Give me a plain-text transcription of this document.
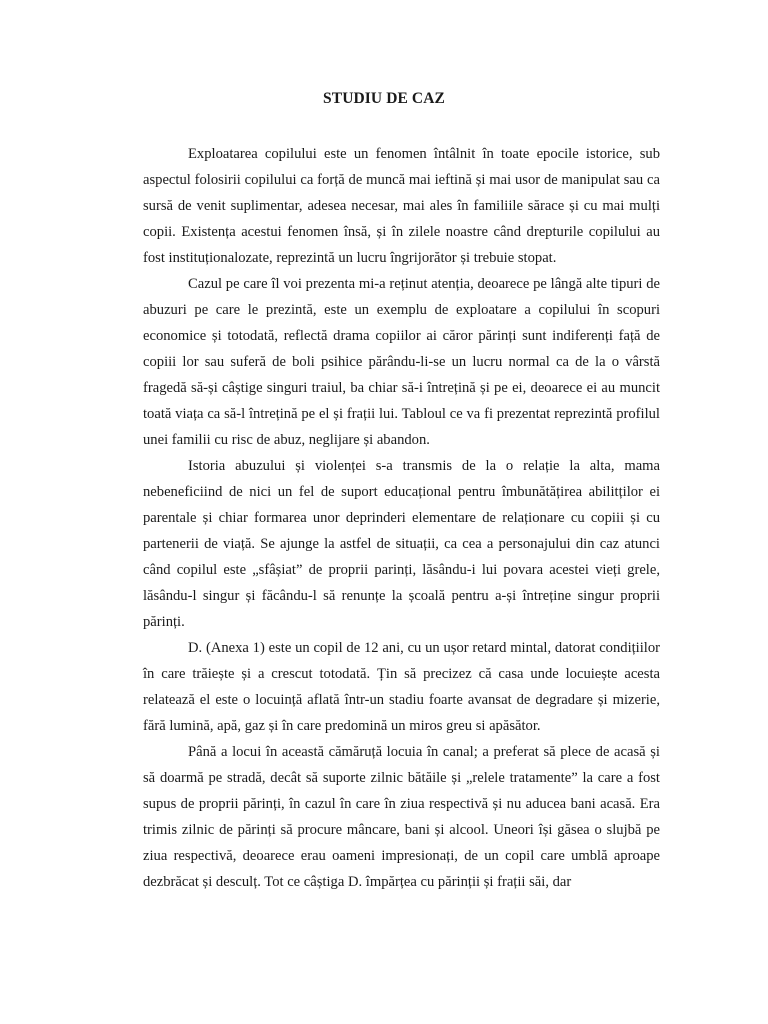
STUDIU DE CAZ

Exploatarea copilului este un fenomen întâlnit în toate epocile istorice, sub aspectul folosirii copilului ca forță de muncă mai ieftină și mai usor de manipulat sau ca sursă de venit suplimentar, adesea necesar, mai ales în familiile sărace și cu mai mulți copii. Existența acestui fenomen însă, și în zilele noastre când drepturile copilului au fost instituționalozate, reprezintă un lucru îngrijorător și trebuie stopat.

Cazul pe care îl voi prezenta mi-a reținut atenția, deoarece pe lângă alte tipuri de abuzuri pe care le prezintă, este un exemplu de exploatare a copilului în scopuri economice și totodată, reflectă drama copiilor ai căror părinți sunt indiferenți față de copiii lor sau suferă de boli psihice părându-li-se un lucru normal ca de la o vârstă fragedă să-și câștige singuri traiul, ba chiar să-i întrețină și pe ei, deoarece ei au muncit toată viața ca să-l întrețină pe el și frații lui. Tabloul ce va fi prezentat reprezintă profilul unei familii cu risc de abuz, neglijare și abandon.

Istoria abuzului și violenței s-a transmis de la o relație la alta, mama nebeneficiind de nici un fel de suport educațional pentru îmbunătățirea abilitților ei parentale și chiar formarea unor deprinderi elementare de relaționare cu copiii și cu partenerii de viață. Se ajunge la astfel de situații, ca cea a personajului din caz atunci când copilul este „sfâșiat” de proprii parinți, lăsându-i lui povara acestei vieți grele, lăsându-l singur și făcându-l să renunțe la școală pentru a-și întreține singur proprii părinți.

D. (Anexa 1) este un copil de 12 ani, cu un ușor retard mintal, datorat condițiilor în care trăiește și a crescut totodată. Țin să precizez că casa unde locuiește acesta relatează el este o locuință aflată într-un stadiu foarte avansat de degradare și mizerie, fără lumină, apă, gaz și în care predomină un miros greu si apăsător.

Până a locui în această cămăruță locuia în canal; a preferat să plece de acasă și să doarmă pe stradă, decât să suporte zilnic bătăile și „relele tratamente” la care a fost supus de proprii părinți, în cazul în care în ziua respectivă și nu aducea bani acasă. Era trimis zilnic de părinți să procure mâncare, bani și alcool. Uneori își găsea o slujbă pe ziua respectivă, deoarece erau oameni impresionați, de un copil care umblă aproape dezbrăcat și desculț. Tot ce câștiga D. împărțea cu părinții și frații săi, dar
